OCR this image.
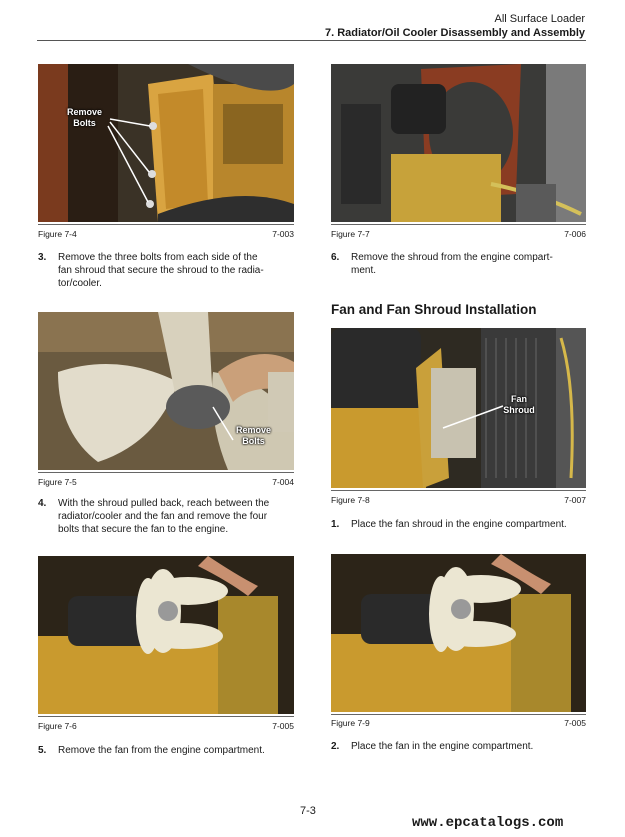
All Surface Loader
7. Radiator/Oil Cooler Disassembly and Assembly
Remove
Bolts
Figure 7-4	7-003
3. Remove the three bolts from each side of the
fan shroud that secure the shroud to the radia-
tor/cooler.
Remove
Bolts
Figure 7-5	7-004
4. With the shroud pulled back, reach between the
radiator/cooler and the fan and remove the four
bolts that secure the fan to the engine.
Figure 7-6	7-005
5. Remove the fan from the engine compartment.
Figure 7-7	7-006
6. Remove the shroud from the engine compart-
ment.
Fan and Fan Shroud Installation
Fan
Shroud
Figure 7-8	7-007
1. Place the fan shroud in the engine compartment.
Figure 7-9	7-005
2. Place the fan in the engine compartment.
7-3
www.epcatalogs.com
